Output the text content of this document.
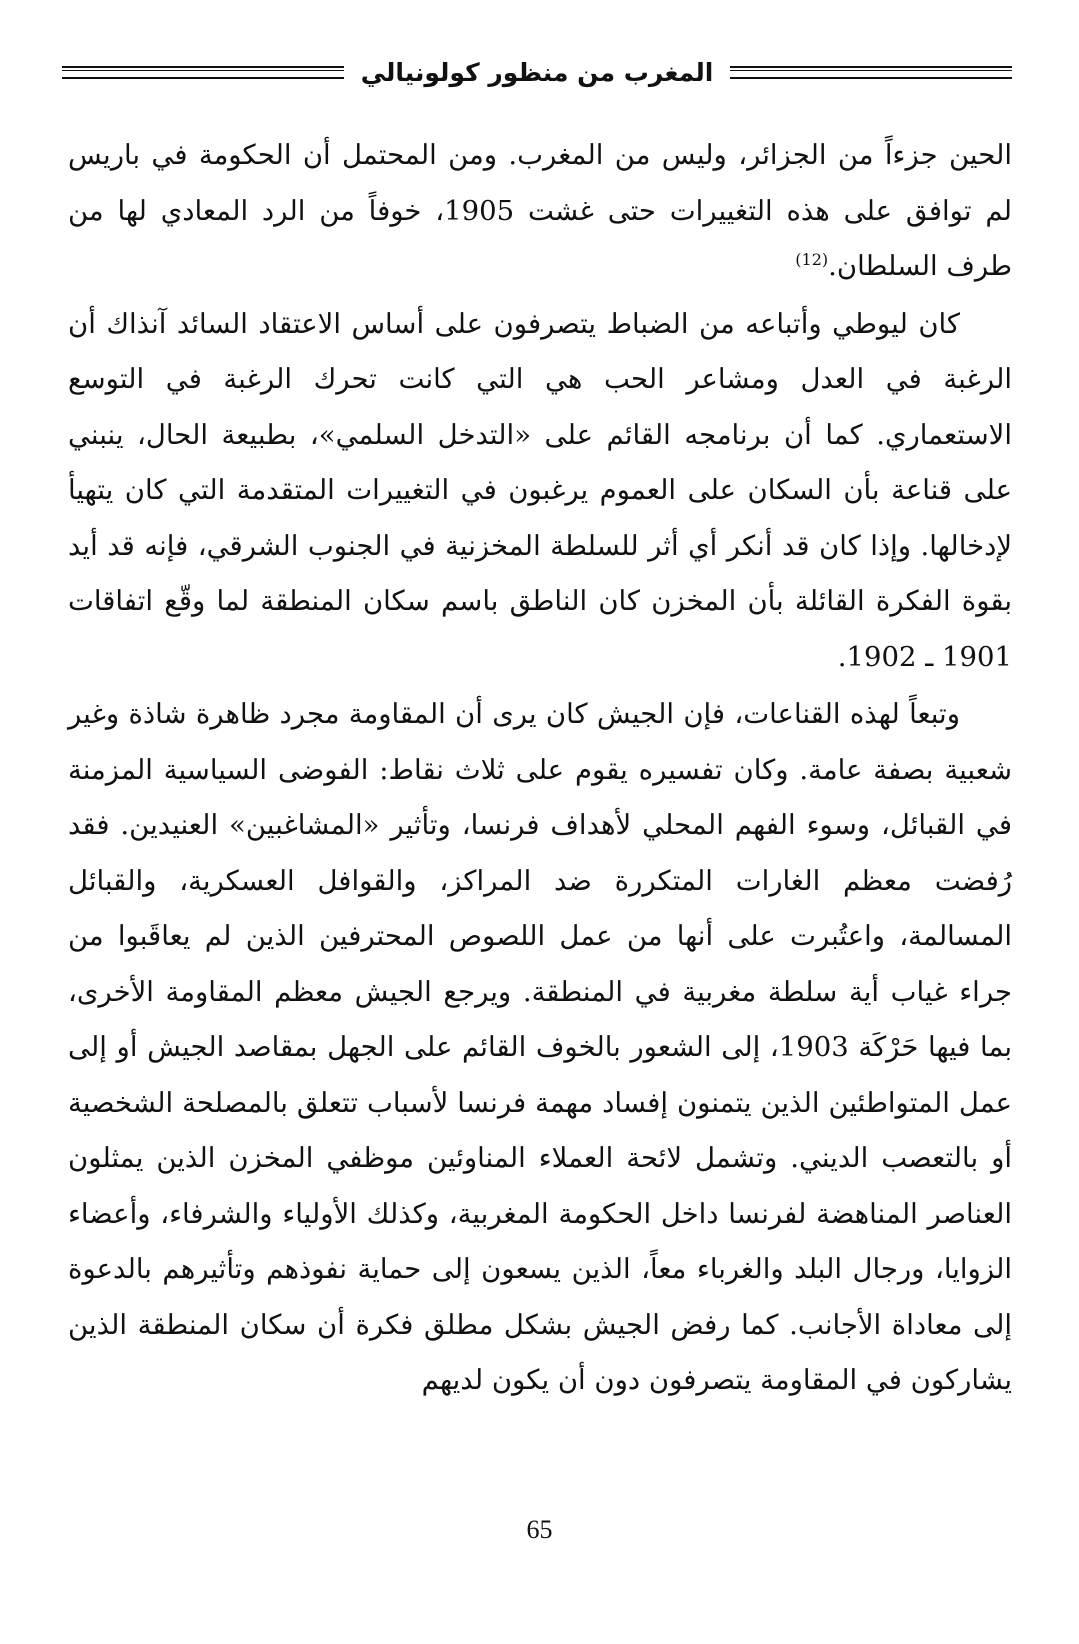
المغرب من منظور كولونيالي

الحين جزءاً من الجزائر، وليس من المغرب. ومن المحتمل أن الحكومة في باريس لم توافق على هذه التغييرات حتى غشت 1905، خوفاً من الرد المعادي لها من طرف السلطان.$^{(12)}$

كان ليوطي وأتباعه من الضباط يتصرفون على أساس الاعتقاد السائد آنذاك أن الرغبة في العدل ومشاعر الحب هي التي كانت تحرك الرغبة في التوسع الاستعماري. كما أن برنامجه القائم على «التدخل السلمي»، بطبيعة الحال، ينبني على قناعة بأن السكان على العموم يرغبون في التغييرات المتقدمة التي كان يتهيأ لإدخالها. وإذا كان قد أنكر أي أثر للسلطة المخزنية في الجنوب الشرقي، فإنه قد أيد بقوة الفكرة القائلة بأن المخزن كان الناطق باسم سكان المنطقة لما وقّع اتفاقات 1901 ـ 1902.

وتبعاً لهذه القناعات، فإن الجيش كان يرى أن المقاومة مجرد ظاهرة شاذة وغير شعبية بصفة عامة. وكان تفسيره يقوم على ثلاث نقاط: الفوضى السياسية المزمنة في القبائل، وسوء الفهم المحلي لأهداف فرنسا، وتأثير «المشاغبين» العنيدين. فقد رُفضت معظم الغارات المتكررة ضد المراكز، والقوافل العسكرية، والقبائل المسالمة، واعتُبرت على أنها من عمل اللصوص المحترفين الذين لم يعاقَبوا من جراء غياب أية سلطة مغربية في المنطقة. ويرجع الجيش معظم المقاومة الأخرى، بما فيها حَرْكَة 1903، إلى الشعور بالخوف القائم على الجهل بمقاصد الجيش أو إلى عمل المتواطئين الذين يتمنون إفساد مهمة فرنسا لأسباب تتعلق بالمصلحة الشخصية أو بالتعصب الديني. وتشمل لائحة العملاء المناوئين موظفي المخزن الذين يمثلون العناصر المناهضة لفرنسا داخل الحكومة المغربية، وكذلك الأولياء والشرفاء، وأعضاء الزوايا، ورجال البلد والغرباء معاً، الذين يسعون إلى حماية نفوذهم وتأثيرهم بالدعوة إلى معاداة الأجانب. كما رفض الجيش بشكل مطلق فكرة أن سكان المنطقة الذين يشاركون في المقاومة يتصرفون دون أن يكون لديهم

65
